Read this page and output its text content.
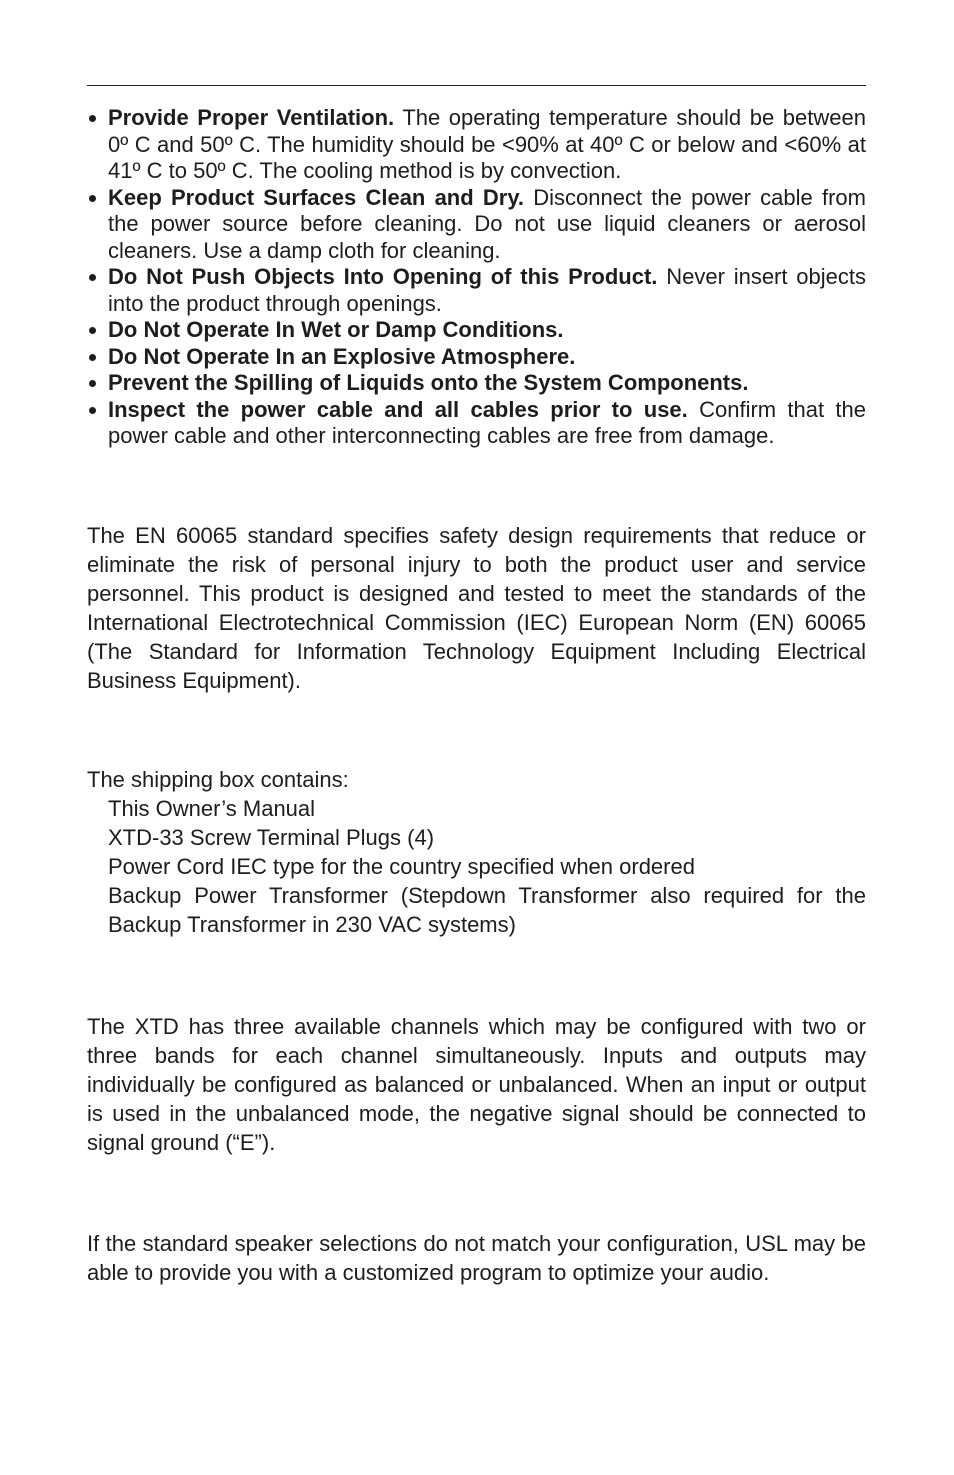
Provide Proper Ventilation. The operating temperature should be between 0º C and 50º C. The humidity should be <90% at 40º C or below and <60% at 41º C to 50º C. The cooling method is by convection.
Keep Product Surfaces Clean and Dry. Disconnect the power cable from the power source before cleaning. Do not use liquid cleaners or aerosol cleaners. Use a damp cloth for cleaning.
Do Not Push Objects Into Opening of this Product. Never insert objects into the product through openings.
Do Not Operate In Wet or Damp Conditions.
Do Not Operate In an Explosive Atmosphere.
Prevent the Spilling of Liquids onto the System Components.
Inspect the power cable and all cables prior to use. Confirm that the power cable and other interconnecting cables are free from damage.

The EN 60065 standard specifies safety design requirements that reduce or eliminate the risk of personal injury to both the product user and service personnel. This product is designed and tested to meet the standards of the International Electrotechnical Commission (IEC) European Norm (EN) 60065 (The Standard for Information Technology Equipment Including Electrical Business Equipment).

The shipping box contains:
This Owner’s Manual
XTD-33 Screw Terminal Plugs (4)
Power Cord IEC type for the country specified when ordered
Backup Power Transformer (Stepdown Transformer also required for the Backup Transformer in 230 VAC systems)

The XTD has three available channels which may be configured with two or three bands for each channel simultaneously. Inputs and outputs may individually be configured as balanced or unbalanced. When an input or output is used in the unbalanced mode, the negative signal should be connected to signal ground (“E”).

If the standard speaker selections do not match your configuration, USL may be able to provide you with a customized program to optimize your audio.
